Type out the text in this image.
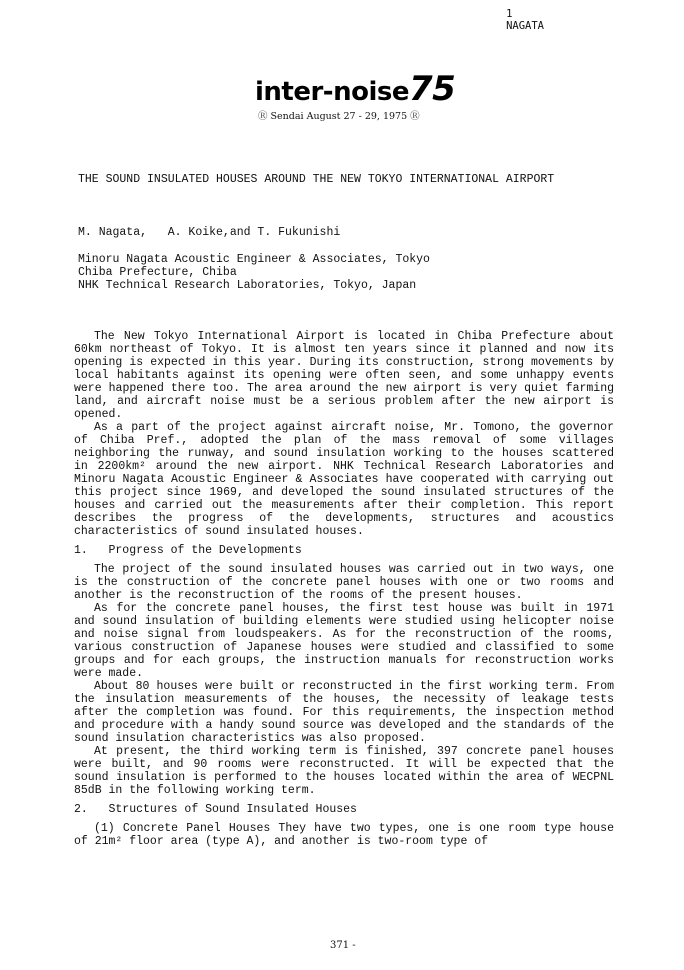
1
NAGATA
inter-noise75
Ⓡ Sendai August 27 - 29, 1975 Ⓡ
THE SOUND INSULATED HOUSES AROUND THE NEW TOKYO INTERNATIONAL AIRPORT
M. Nagata,   A. Koike,and T. Fukunishi
Minoru Nagata Acoustic Engineer & Associates, Tokyo
Chiba Prefecture, Chiba
NHK Technical Research Laboratories, Tokyo, Japan

The New Tokyo International Airport is located in Chiba Prefecture about 60km northeast of Tokyo. It is almost ten years since it planned and now its opening is expected in this year. During its construction, strong movements by local habitants against its opening were often seen, and some unhappy events were happened there too. The area around the new airport is very quiet farming land, and aircraft noise must be a serious problem after the new airport is opened.

As a part of the project against aircraft noise, Mr. Tomono, the governor of Chiba Pref., adopted the plan of the mass removal of some villages neighboring the runway, and sound insulation working to the houses scattered in 2200km² around the new airport. NHK Technical Research Laboratories and Minoru Nagata Acoustic Engineer & Associates have cooperated with carrying out this project since 1969, and developed the sound insulated structures of the houses and carried out the measurements after their completion. This report describes the progress of the developments, structures and acoustics characteristics of sound insulated houses.

1.   Progress of the Developments

The project of the sound insulated houses was carried out in two ways, one is the construction of the concrete panel houses with one or two rooms and another is the reconstruction of the rooms of the present houses.

As for the concrete panel houses, the first test house was built in 1971 and sound insulation of building elements were studied using helicopter noise and noise signal from loudspeakers. As for the reconstruction of the rooms, various construction of Japanese houses were studied and classified to some groups and for each groups, the instruction manuals for reconstruction works were made.

About 80 houses were built or reconstructed in the first working term. From the insulation measurements of the houses, the necessity of leakage tests after the completion was found. For this requirements, the inspection method and procedure with a handy sound source was developed and the standards of the sound insulation characteristics was also proposed.

At present, the third working term is finished, 397 concrete panel houses were built, and 90 rooms were reconstructed. It will be expected that the sound insulation is performed to the houses located within the area of WECPNL 85dB in the following working term.

2.   Structures of Sound Insulated Houses

(1) Concrete Panel Houses They have two types, one is one room type house of 21m² floor area (type A), and another is two-room type of

371 -
